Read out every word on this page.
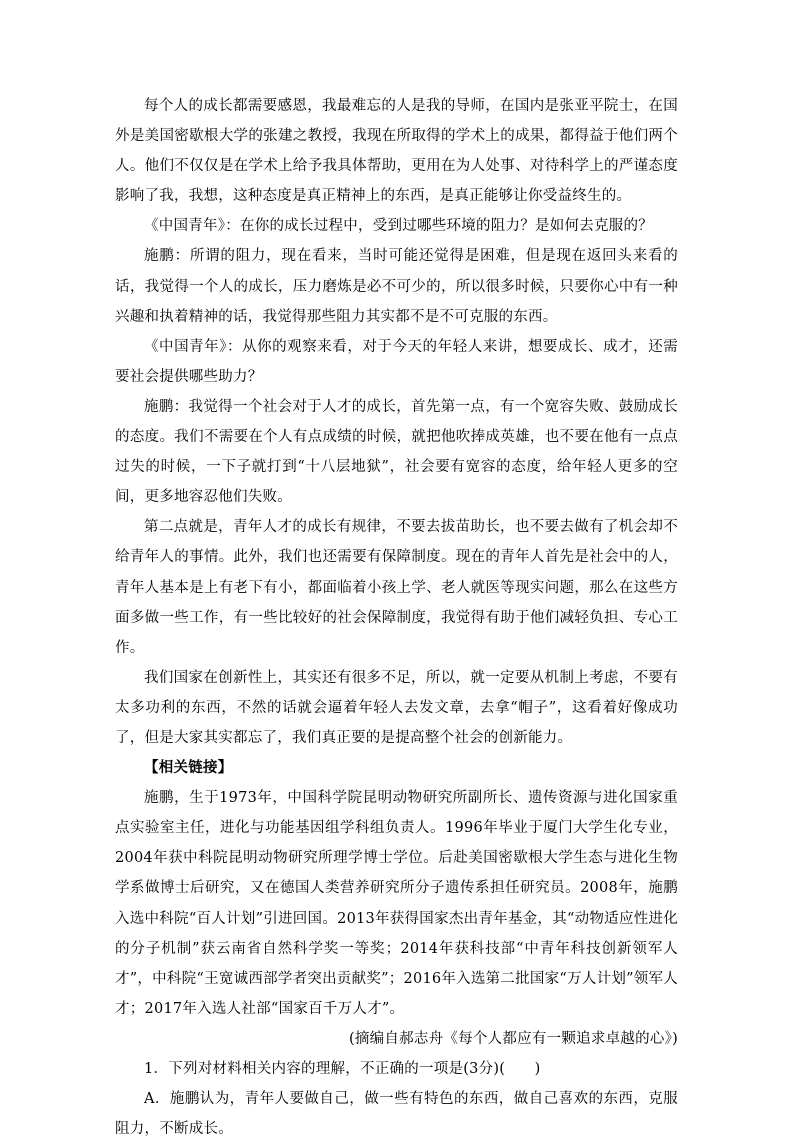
每个人的成长都需要感恩，我最难忘的人是我的导师，在国内是张亚平院士，在国外是美国密歇根大学的张建之教授，我现在所取得的学术上的成果，都得益于他们两个人。他们不仅仅是在学术上给予我具体帮助，更用在为人处事、对待科学上的严谨态度影响了我，我想，这种态度是真正精神上的东西，是真正能够让你受益终生的。

《中国青年》：在你的成长过程中，受到过哪些环境的阻力？是如何去克服的？

施鹏：所谓的阻力，现在看来，当时可能还觉得是困难，但是现在返回头来看的话，我觉得一个人的成长，压力磨炼是必不可少的，所以很多时候，只要你心中有一种兴趣和执着精神的话，我觉得那些阻力其实都不是不可克服的东西。

《中国青年》：从你的观察来看，对于今天的年轻人来讲，想要成长、成才，还需要社会提供哪些助力？

施鹏：我觉得一个社会对于人才的成长，首先第一点，有一个宽容失败、鼓励成长的态度。我们不需要在个人有点成绩的时候，就把他吹捧成英雄，也不要在他有一点点过失的时候，一下子就打到“十八层地狱”，社会要有宽容的态度，给年轻人更多的空间，更多地容忍他们失败。

第二点就是，青年人才的成长有规律，不要去拔苗助长，也不要去做有了机会却不给青年人的事情。此外，我们也还需要有保障制度。现在的青年人首先是社会中的人，青年人基本是上有老下有小，都面临着小孩上学、老人就医等现实问题，那么在这些方面多做一些工作，有一些比较好的社会保障制度，我觉得有助于他们减轻负担、专心工作。

我们国家在创新性上，其实还有很多不足，所以，就一定要从机制上考虑，不要有太多功利的东西，不然的话就会逼着年轻人去发文章，去拿“帽子”，这看着好像成功了，但是大家其实都忘了，我们真正要的是提高整个社会的创新能力。

【相关链接】

施鹏，生于1973年，中国科学院昆明动物研究所副所长、遗传资源与进化国家重点实验室主任，进化与功能基因组学科组负责人。1996年毕业于厦门大学生化专业，2004年获中科院昆明动物研究所理学博士学位。后赴美国密歇根大学生态与进化生物学系做博士后研究，又在德国人类营养研究所分子遗传系担任研究员。2008年，施鹏入选中科院“百人计划”引进回国。2013年获得国家杰出青年基金，其“动物适应性进化的分子机制”获云南省自然科学奖一等奖；2014年获科技部“中青年科技创新领军人才”，中科院“王宽诚西部学者突出贡献奖”；2016年入选第二批国家“万人计划”领军人才；2017年入选人社部“国家百千万人才”。

(摘编自郝志舟《每个人都应有一颗追求卓越的心》)

1．下列对材料相关内容的理解，不正确的一项是(3分)(　　)

A．施鹏认为，青年人要做自己，做一些有特色的东西，做自己喜欢的东西，克服阻力，不断成长。
